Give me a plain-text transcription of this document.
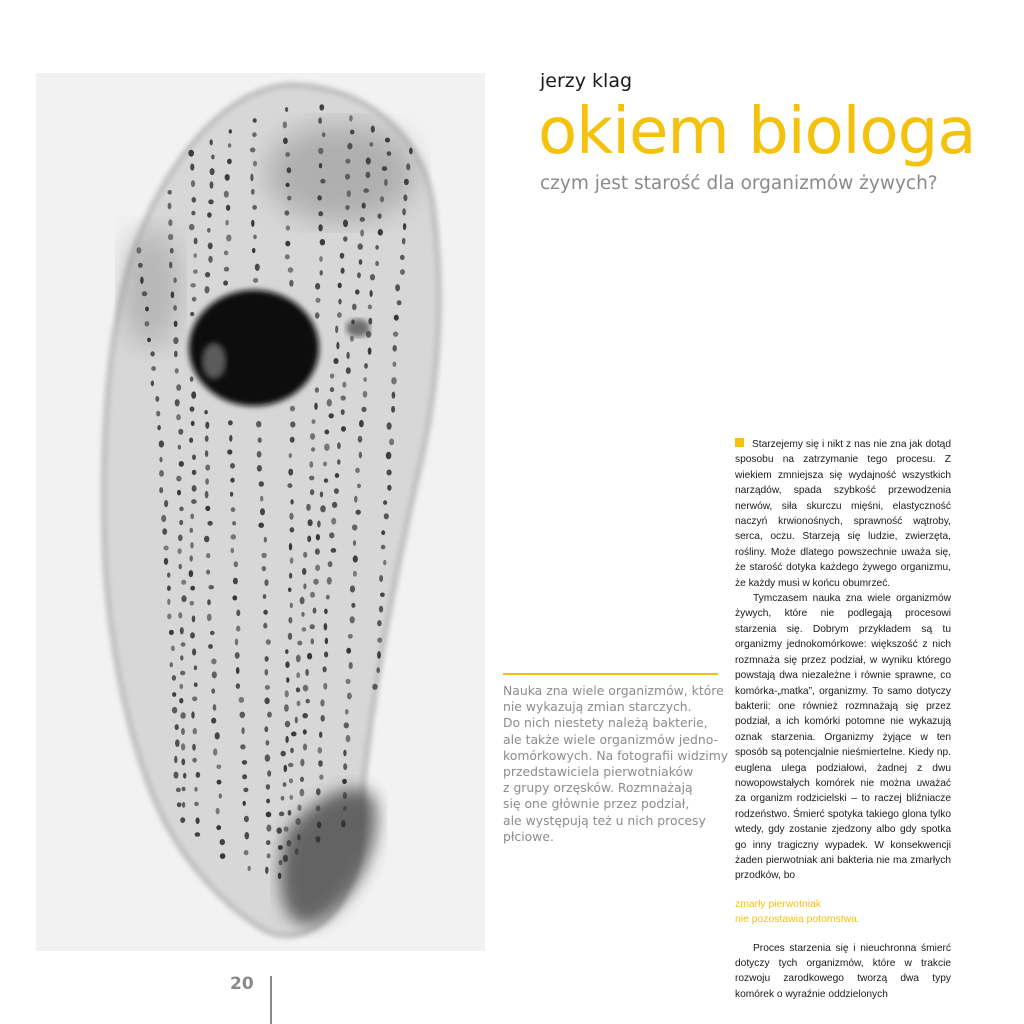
jerzy klag
okiem biologa
czym jest starość dla organizmów żywych?
Nauka zna wiele organizmów, które
nie wykazują zmian starczych.
Do nich niestety należą bakterie,
ale także wiele organizmów jedno-
komórkowych. Na fotografii widzimy
przedstawiciela pierwotniaków
z grupy orzęsków. Rozmnażają
się one głównie przez podział,
ale występują też u nich procesy
płciowe.

Starzejemy się i nikt z nas nie zna jak dotąd sposobu na zatrzymanie tego procesu. Z wiekiem zmniejsza się wydajność wszystkich narządów, spada szybkość przewodzenia nerwów, siła skurczu mięśni, elastyczność naczyń krwionośnych, sprawność wątroby, serca, oczu. Starzeją się ludzie, zwierzęta, rośliny. Może dlatego powszechnie uważa się, że starość dotyka każdego żywego organizmu, że każdy musi w końcu obumrzeć.

Tymczasem nauka zna wiele organizmów żywych, które nie podlegają procesowi starzenia się. Dobrym przykładem są tu organizmy jednokomórkowe: większość z nich rozmnaża się przez podział, w wyniku którego powstają dwa niezależne i równie sprawne, co komórka-„matka”, organizmy. To samo dotyczy bakterii: one również rozmnażają się przez podział, a ich komórki potomne nie wykazują oznak starzenia. Organizmy żyjące w ten sposób są potencjalnie nieśmiertelne. Kiedy np. euglena ulega podziałowi, żadnej z dwu nowopowstałych komórek nie można uważać za organizm rodzicielski – to raczej bliźniacze rodzeństwo. Śmierć spotyka takiego glona tylko wtedy, gdy zostanie zjedzony albo gdy spotka go inny tragiczny wypadek. W konsekwencji żaden pierwotniak ani bakteria nie ma zmarłych przodków, bo

zmarły pierwotniak
nie pozostawia potomstwa.

Proces starzenia się i nieuchronna śmierć dotyczy tych organizmów, które w trakcie rozwoju zarodkowego tworzą dwa typy komórek o wyraźnie oddzielonych

20
